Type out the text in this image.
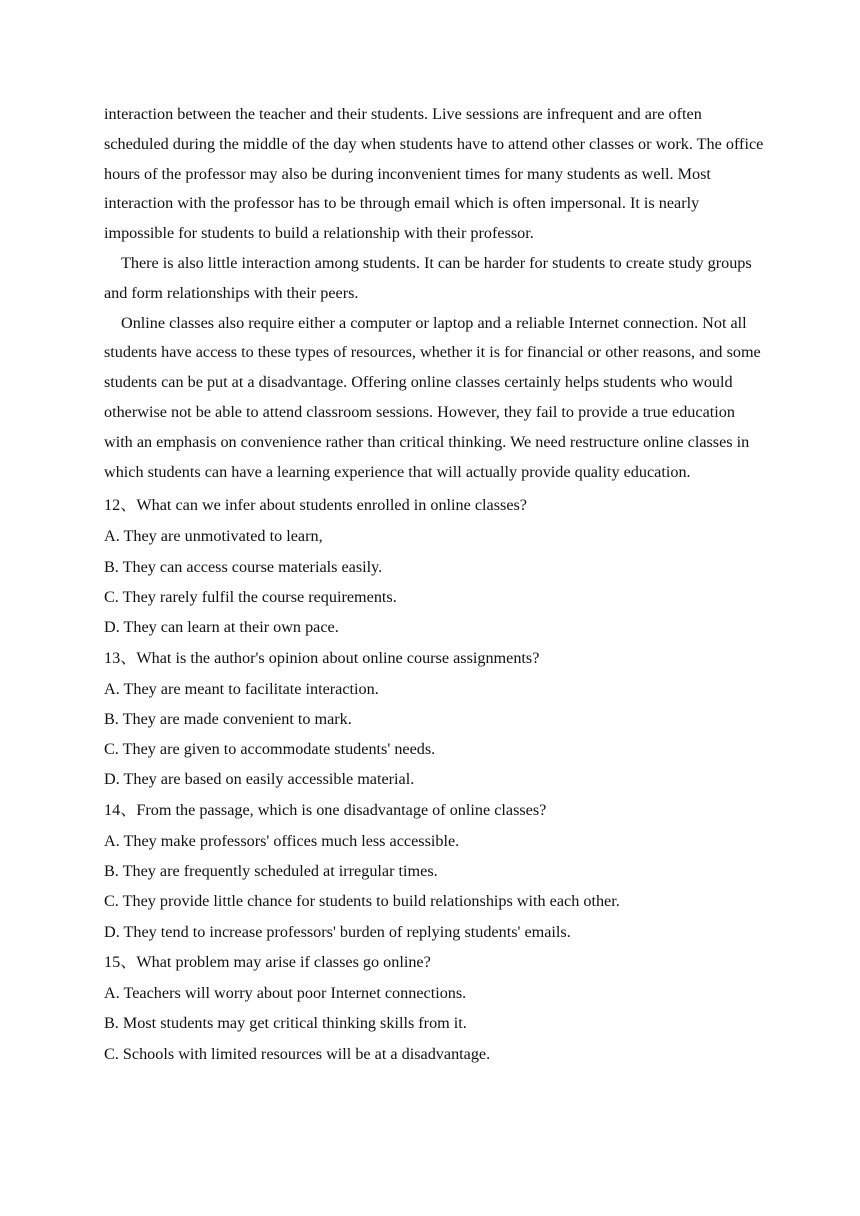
interaction between the teacher and their students. Live sessions are infrequent and are often scheduled during the middle of the day when students have to attend other classes or work. The office hours of the professor may also be during inconvenient times for many students as well. Most interaction with the professor has to be through email which is often impersonal. It is nearly impossible for students to build a relationship with their professor.

There is also little interaction among students. It can be harder for students to create study groups and form relationships with their peers.

Online classes also require either a computer or laptop and a reliable Internet connection. Not all students have access to these types of resources, whether it is for financial or other reasons, and some students can be put at a disadvantage. Offering online classes certainly helps students who would otherwise not be able to attend classroom sessions. However, they fail to provide a true education with an emphasis on convenience rather than critical thinking. We need restructure online classes in which students can have a learning experience that will actually provide quality education.

12、What can we infer about students enrolled in online classes?
A. They are unmotivated to learn,
B. They can access course materials easily.
C. They rarely fulfil the course requirements.
D. They can learn at their own pace.
13、What is the author's opinion about online course assignments?
A. They are meant to facilitate interaction.
B. They are made convenient to mark.
C. They are given to accommodate students' needs.
D. They are based on easily accessible material.
14、From the passage, which is one disadvantage of online classes?
A. They make professors' offices much less accessible.
B. They are frequently scheduled at irregular times.
C. They provide little chance for students to build relationships with each other.
D. They tend to increase professors' burden of replying students' emails.
15、What problem may arise if classes go online?
A. Teachers will worry about poor Internet connections.
B. Most students may get critical thinking skills from it.
C. Schools with limited resources will be at a disadvantage.
